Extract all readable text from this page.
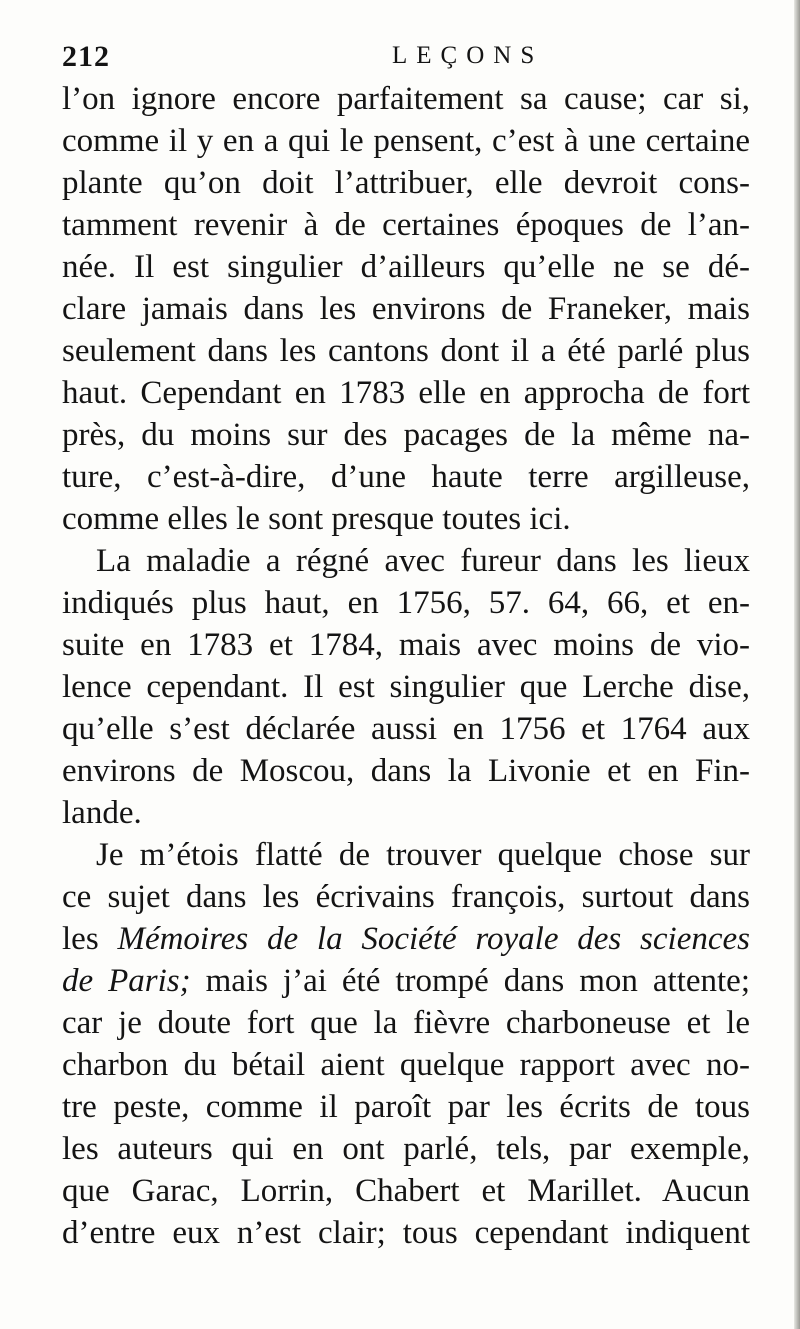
212	LEÇONS
l’on ignore encore parfaitement sa cause; car si,
comme il y en a qui le pensent, c’est à une certaine
plante qu’on doit l’attribuer, elle devroit cons-
tamment revenir à de certaines époques de l’an-
née. Il est singulier d’ailleurs qu’elle ne se dé-
clare jamais dans les environs de Franeker, mais
seulement dans les cantons dont il a été parlé plus
haut. Cependant en 1783 elle en approcha de fort
près, du moins sur des pacages de la même na-
ture, c’est-à-dire, d’une haute terre argilleuse,
comme elles le sont presque toutes ici.
La maladie a régné avec fureur dans les lieux
indiqués plus haut, en 1756, 57. 64, 66, et en-
suite en 1783 et 1784, mais avec moins de vio-
lence cependant. Il est singulier que Lerche dise,
qu’elle s’est déclarée aussi en 1756 et 1764 aux
environs de Moscou, dans la Livonie et en Fin-
lande.
Je m’étois flatté de trouver quelque chose sur
ce sujet dans les écrivains françois, surtout dans
les Mémoires de la Société royale des sciences
de Paris; mais j’ai été trompé dans mon attente;
car je doute fort que la fièvre charboneuse et le
charbon du bétail aient quelque rapport avec no-
tre peste, comme il paroît par les écrits de tous
les auteurs qui en ont parlé, tels, par exemple,
que Garac, Lorrin, Chabert et Marillet. Aucun
d’entre eux n’est clair; tous cependant indiquent
